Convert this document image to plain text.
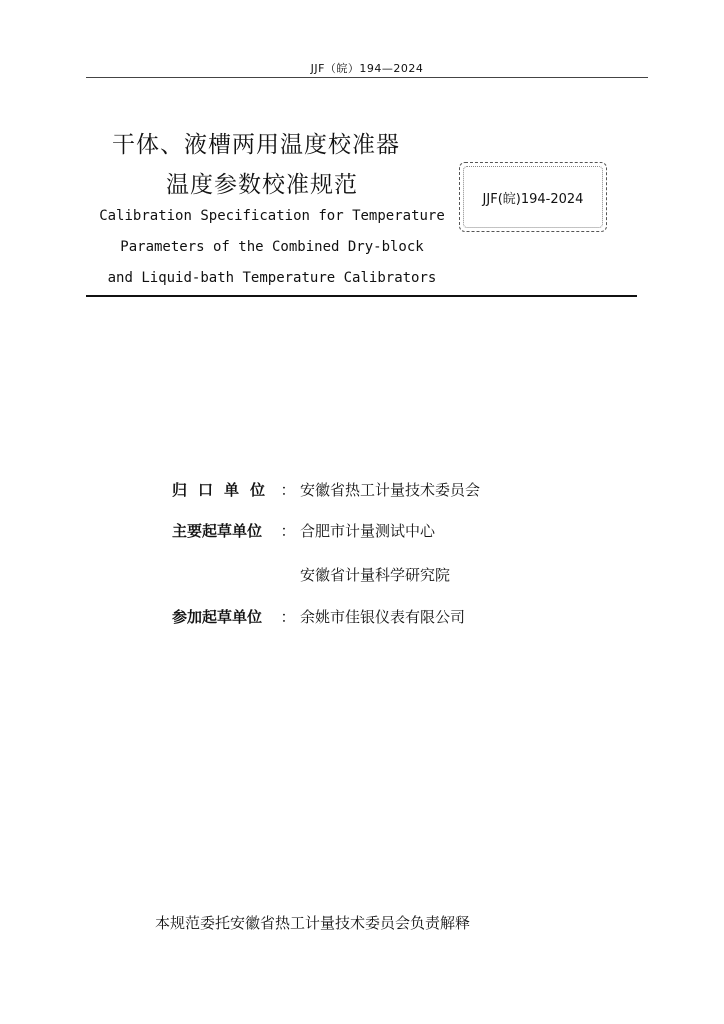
JJF（皖）194—2024
干体、液槽两用温度校准器
温度参数校准规范
Calibration Specification for Temperature
Parameters of the Combined Dry-block
and Liquid-bath Temperature Calibrators
JJF(皖)194-2024
归口单位 ： 安徽省热工计量技术委员会
主要起草单位 ： 合肥市计量测试中心
安徽省计量科学研究院
参加起草单位 ： 余姚市佳银仪表有限公司
本规范委托安徽省热工计量技术委员会负责解释
